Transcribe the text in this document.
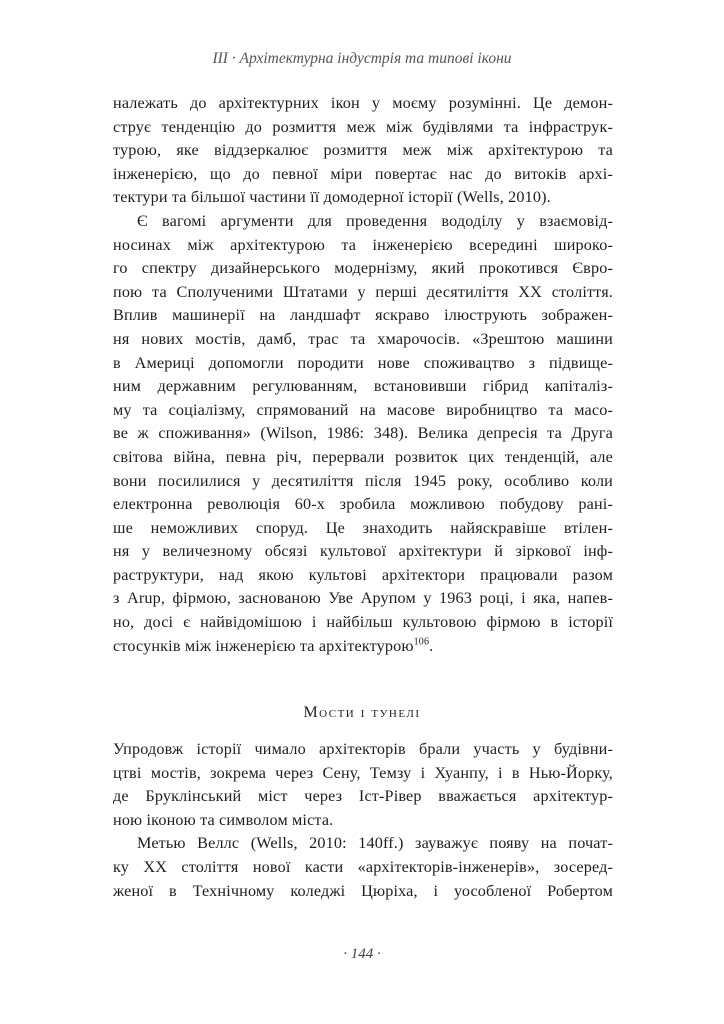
III · Архітектурна індустрія та типові ікони
належать до архітектурних ікон у моєму розумінні. Це демон-
струє тенденцію до розмиття меж між будівлями та інфраструк-
турою, яке віддзеркалює розмиття меж між архітектурою та
інженерією, що до певної міри повертає нас до витоків архі-
тектури та більшої частини її домодерної історії (Wells, 2010).
Є вагомі аргументи для проведення вододілу у взаємовід-
носинах між архітектурою та інженерією всередині широко-
го спектру дизайнерського модернізму, який прокотився Євро-
пою та Сполученими Штатами у перші десятиліття XX століття.
Вплив машинерії на ландшафт яскраво ілюструють зображен-
ня нових мостів, дамб, трас та хмарочосів. «Зрештою машини
в Америці допомогли породити нове споживацтво з підвище-
ним державним регулюванням, встановивши гібрид капіталіз-
му та соціалізму, спрямований на масове виробництво та масо-
ве ж споживання» (Wilson, 1986: 348). Велика депресія та Друга
світова війна, певна річ, перервали розвиток цих тенденцій, але
вони посилилися у десятиліття після 1945 року, особливо коли
електронна революція 60-х зробила можливою побудову рані-
ше неможливих споруд. Це знаходить найяскравіше втілен-
ня у величезному обсязі культової архітектури й зіркової інф-
раструктури, над якою культові архітектори працювали разом
з Arup, фірмою, заснованою Уве Арупом у 1963 році, і яка, напев-
но, досі є найвідомішою і найбільш культовою фірмою в історії
стосунків між інженерією та архітектурою$^{106}$.
Мости і тунелі
Упродовж історії чимало архітекторів брали участь у будівни-
цтві мостів, зокрема через Сену, Темзу і Хуанпу, і в Нью-Йорку,
де Бруклінський міст через Іст-Рівер вважається архітектур-
ною іконою та символом міста.
Метью Веллс (Wells, 2010: 140ff.) зауважує появу на почат-
ку XX століття нової касти «архітекторів-інженерів», зосеред-
женої в Технічному коледжі Цюріха, і уособленої Робертом
· 144 ·
